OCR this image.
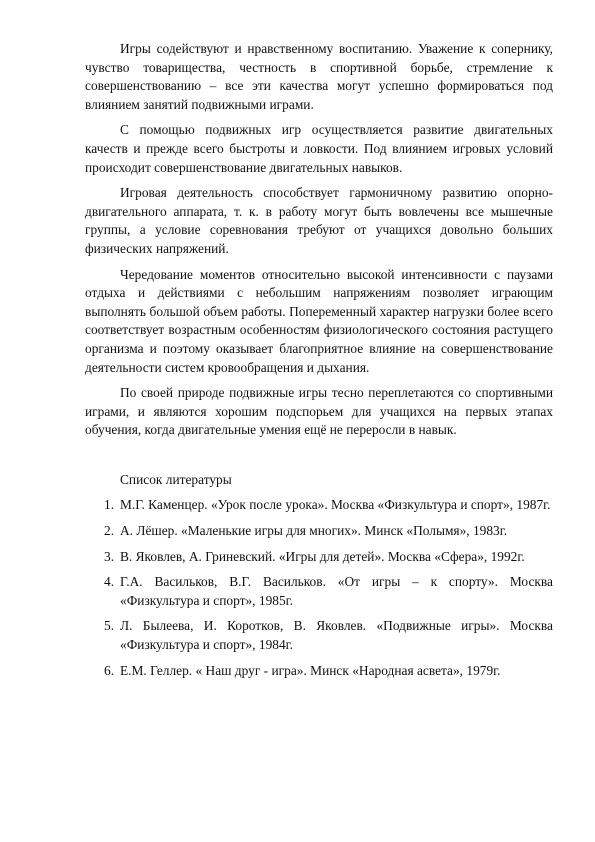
Игры содействуют и нравственному воспитанию. Уважение к сопернику, чувство товарищества, честность в спортивной борьбе, стремление к совершенствованию – все эти качества могут успешно формироваться под влиянием занятий подвижными играми.

С помощью подвижных игр осуществляется развитие двигательных качеств и прежде всего быстроты и ловкости. Под влиянием игровых условий происходит совершенствование двигательных навыков.

Игровая деятельность способствует гармоничному развитию опорно-двигательного аппарата, т. к. в работу могут быть вовлечены все мышечные группы, а условие соревнования требуют от учащихся довольно больших физических напряжений.

Чередование моментов относительно высокой интенсивности с паузами отдыха и действиями с небольшим напряжениям позволяет играющим выполнять большой объем работы. Попеременный характер нагрузки более всего соответствует возрастным особенностям физиологического состояния растущего организма и поэтому оказывает благоприятное влияние на совершенствование деятельности систем кровообращения и дыхания.

По своей природе подвижные игры тесно переплетаются со спортивными играми, и являются хорошим подспорьем для учащихся на первых этапах обучения, когда двигательные умения ещё не переросли в навык.

Список литературы
1. М.Г. Каменцер. «Урок после урока». Москва «Физкультура и спорт», 1987г.
2. А. Лёшер. «Маленькие игры для многих». Минск «Полымя», 1983г.
3. В. Яковлев, А. Гриневский. «Игры для детей». Москва «Сфера», 1992г.
4. Г.А. Васильков, В.Г. Васильков. «От игры – к спорту». Москва «Физкультура и спорт», 1985г.
5. Л. Былеева, И. Коротков, В. Яковлев. «Подвижные игры». Москва «Физкультура и спорт», 1984г.
6. Е.М. Геллер. « Наш друг - игра». Минск «Народная асвета», 1979г.
